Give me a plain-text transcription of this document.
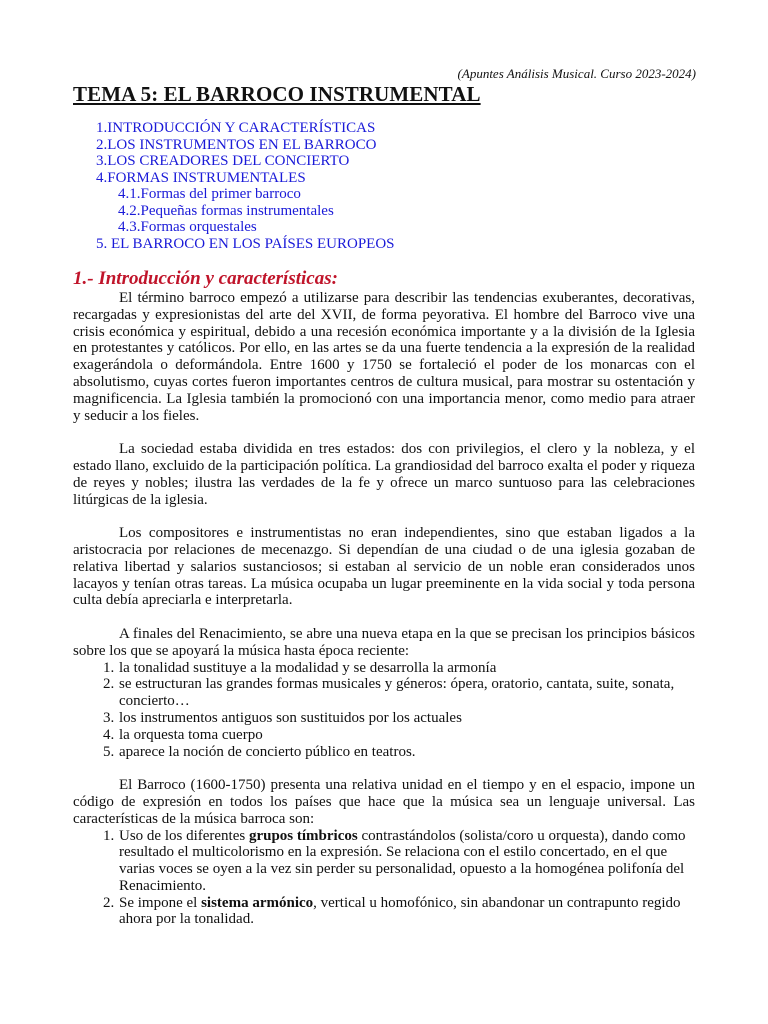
(Apuntes Análisis Musical. Curso 2023-2024)
TEMA 5: EL BARROCO INSTRUMENTAL
1.INTRODUCCIÓN Y CARACTERÍSTICAS
2.LOS INSTRUMENTOS EN EL BARROCO
3.LOS CREADORES DEL CONCIERTO
4.FORMAS INSTRUMENTALES
4.1.Formas del primer barroco
4.2.Pequeñas formas instrumentales
4.3.Formas orquestales
5. EL BARROCO EN LOS PAÍSES EUROPEOS
1.- Introducción y características:

El término barroco empezó a utilizarse para describir las tendencias exuberantes, decorativas, recargadas y expresionistas del arte del XVII, de forma peyorativa. El hombre del Barroco vive una crisis económica y espiritual, debido a una recesión económica importante y a la división de la Iglesia en protestantes y católicos. Por ello, en las artes se da una fuerte tendencia a la expresión de la realidad exagerándola o deformándola. Entre 1600 y 1750 se fortaleció el poder de los monarcas con el absolutismo, cuyas cortes fueron importantes centros de cultura musical, para mostrar su ostentación y magnificencia. La Iglesia también la promocionó con una importancia menor, como medio para atraer y seducir a los fieles.

La sociedad estaba dividida en tres estados: dos con privilegios, el clero y la nobleza, y el estado llano, excluido de la participación política. La grandiosidad del barroco exalta el poder y riqueza de reyes y nobles; ilustra las verdades de la fe y ofrece un marco suntuoso para las celebraciones litúrgicas de la iglesia.

Los compositores e instrumentistas no eran independientes, sino que estaban ligados a la aristocracia por relaciones de mecenazgo. Si dependían de una ciudad o de una iglesia gozaban de relativa libertad y salarios sustanciosos; si estaban al servicio de un noble eran considerados unos lacayos y tenían otras tareas. La música ocupaba un lugar preeminente en la vida social y toda persona culta debía apreciarla e interpretarla.

A finales del Renacimiento, se abre una nueva etapa en la que se precisan los principios básicos sobre los que se apoyará la música hasta época reciente:

1. la tonalidad sustituye a la modalidad y se desarrolla la armonía
2. se estructuran las grandes formas musicales y géneros: ópera, oratorio, cantata, suite, sonata, concierto…
3. los instrumentos antiguos son sustituidos por los actuales
4. la orquesta toma cuerpo
5. aparece la noción de concierto público en teatros.

El Barroco (1600-1750) presenta una relativa unidad en el tiempo y en el espacio, impone un código de expresión en todos los países que hace que la música sea un lenguaje universal. Las características de la música barroca son:

1. Uso de los diferentes grupos tímbricos contrastándolos (solista/coro u orquesta), dando como resultado el multicolorismo en la expresión. Se relaciona con el estilo concertado, en el que varias voces se oyen a la vez sin perder su personalidad, opuesto a la homogénea polifonía del Renacimiento.
2. Se impone el sistema armónico, vertical u homofónico, sin abandonar un contrapunto regido ahora por la tonalidad.
